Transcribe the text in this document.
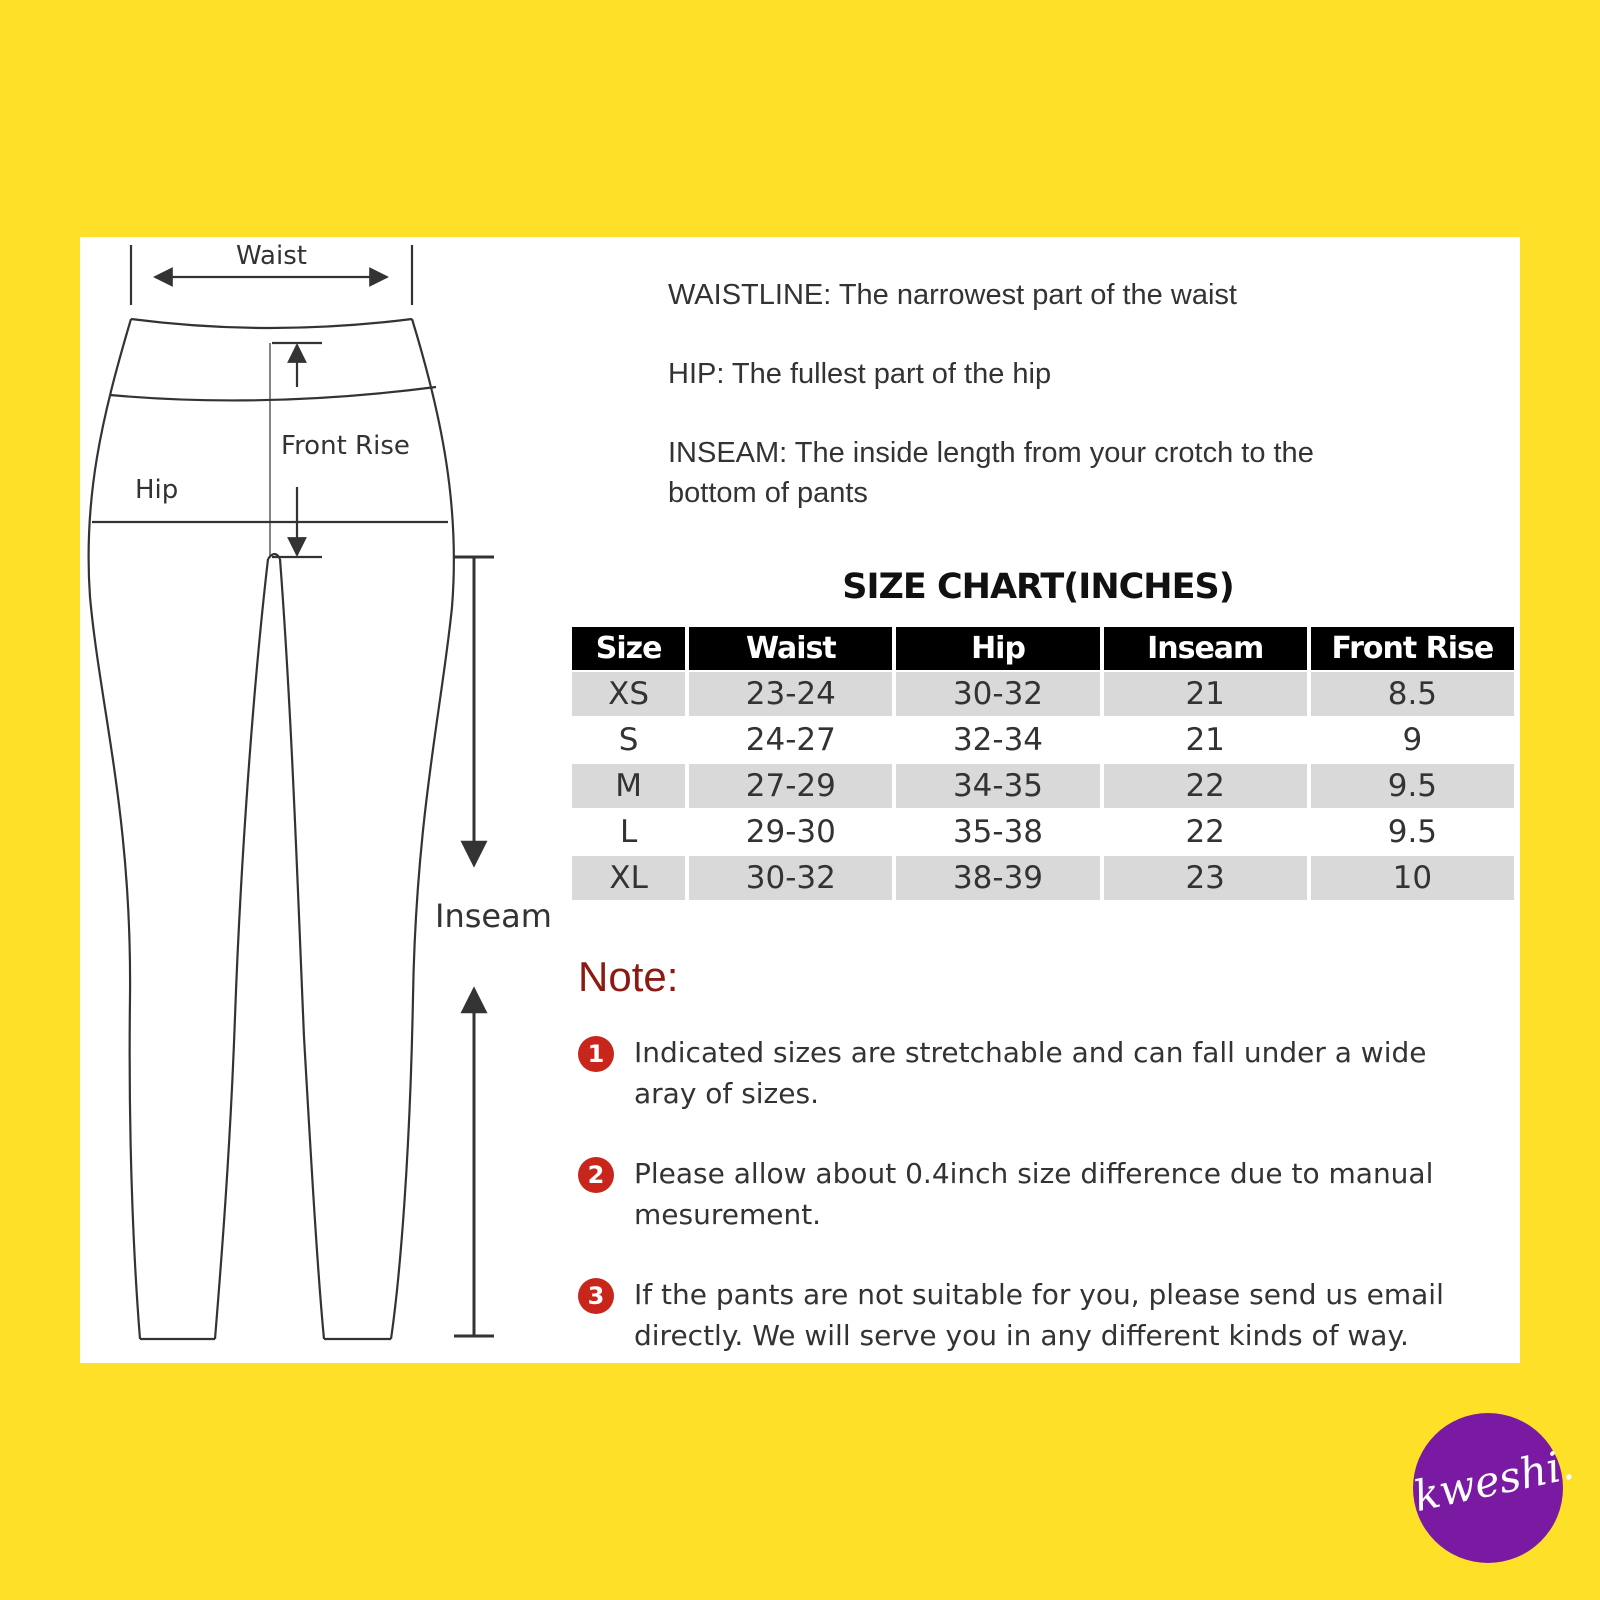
Waist
Front Rise
Hip
Inseam
WAISTLINE: The narrowest part of the waist
HIP: The fullest part of the hip
INSEAM: The inside length from your crotch to the
bottom of pants
SIZE CHART(INCHES)
Size	Waist	Hip	Inseam	Front Rise
XS	23-24	30-32	21	8.5
S	24-27	32-34	21	9
M	27-29	34-35	22	9.5
L	29-30	35-38	22	9.5
XL	30-32	38-39	23	10
Note:
1	Indicated sizes are stretchable and can fall under a wide
aray of sizes.
2	Please allow about 0.4inch size difference due to manual
mesurement.
3	If the pants are not suitable for you, please send us email
directly. We will serve you in any different kinds of way.
kweshi.
